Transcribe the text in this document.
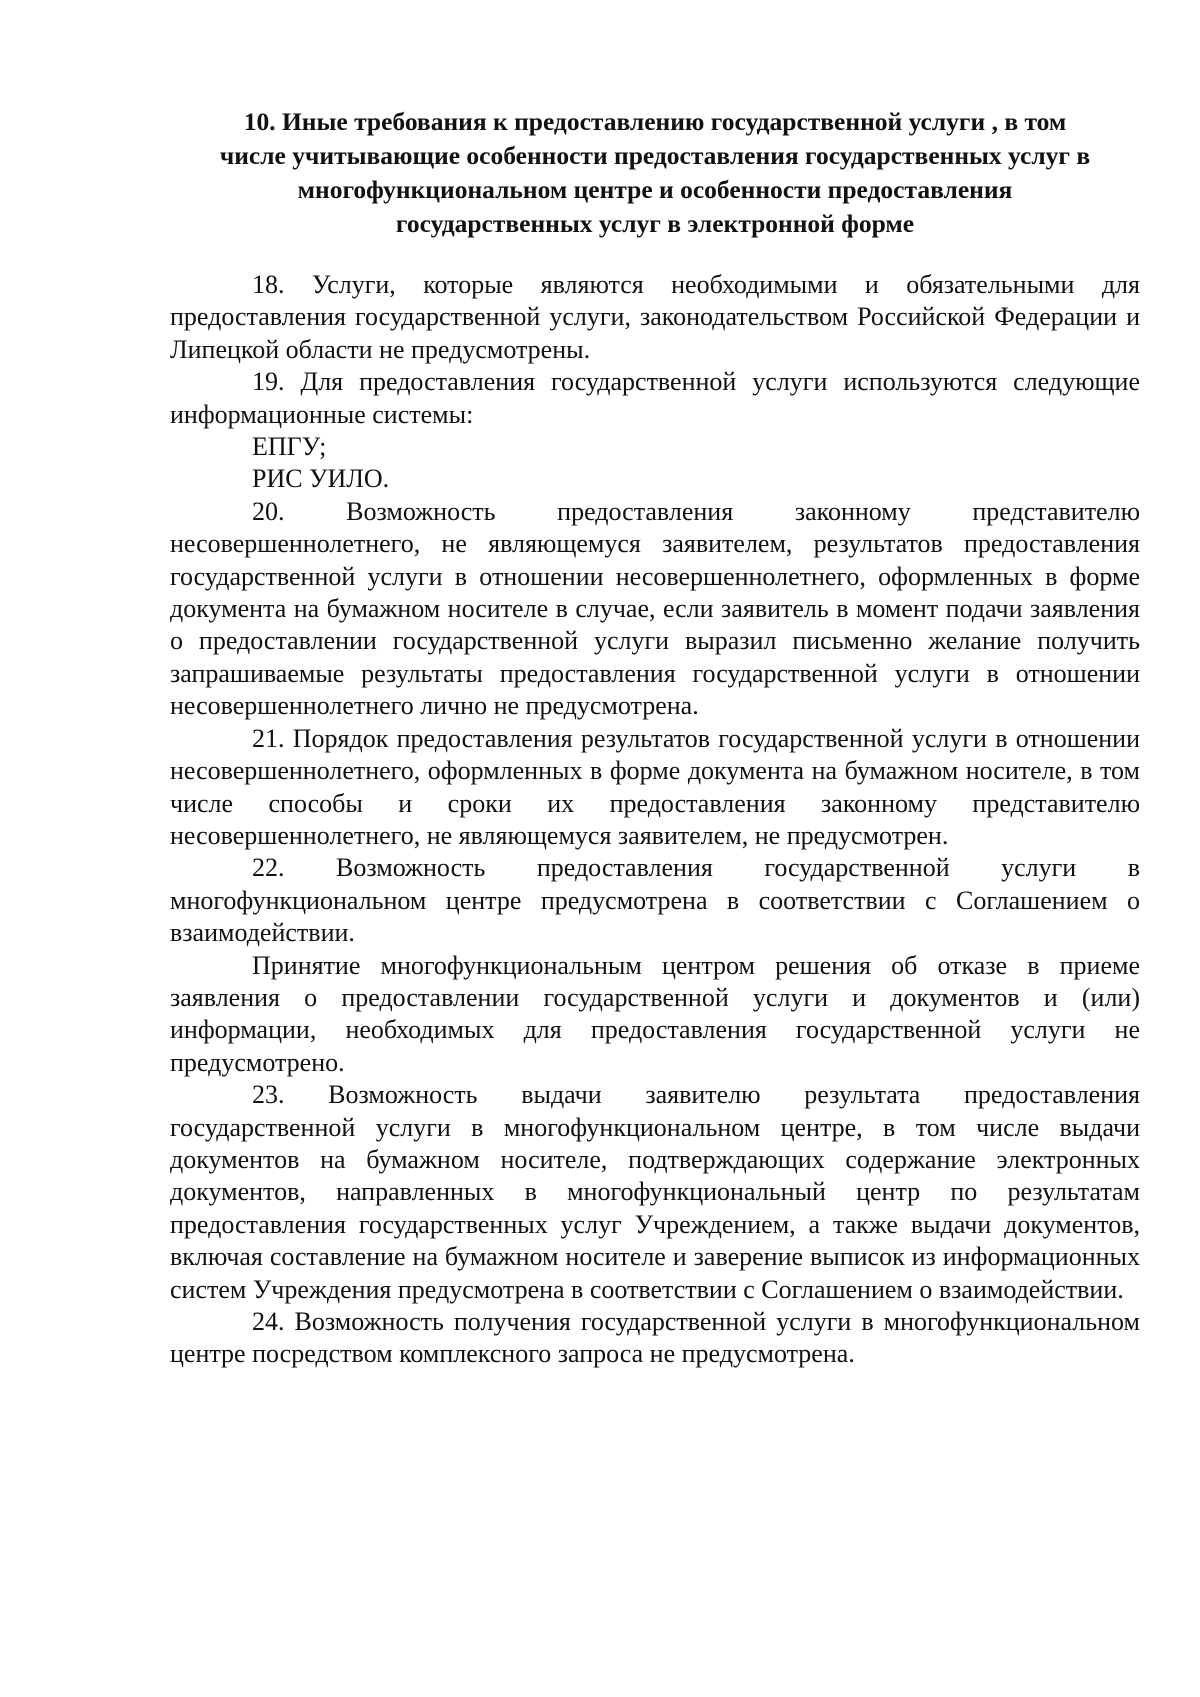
10. Иные требования к предоставлению государственной услуги , в том
числе учитывающие особенности предоставления государственных услуг в
многофункциональном центре и особенности предоставления
государственных услуг в электронной форме

18. Услуги, которые являются необходимыми и обязательными для предоставления государственной услуги, законодательством Российской Федерации и Липецкой области не предусмотрены.

19. Для предоставления государственной услуги используются следующие информационные системы:

ЕПГУ;

РИС УИЛО.

20. Возможность предоставления законному представителю несовершеннолетнего, не являющемуся заявителем, результатов предоставления государственной услуги в отношении несовершеннолетнего, оформленных в форме документа на бумажном носителе в случае, если заявитель в момент подачи заявления о предоставлении государственной услуги выразил письменно желание получить запрашиваемые результаты предоставления государственной услуги в отношении несовершеннолетнего лично не предусмотрена.

21. Порядок предоставления результатов государственной услуги в отношении несовершеннолетнего, оформленных в форме документа на бумажном носителе, в том числе способы и сроки их предоставления законному представителю несовершеннолетнего, не являющемуся заявителем, не предусмотрен.

22. Возможность предоставления государственной услуги в многофункциональном центре предусмотрена в соответствии с Соглашением о взаимодействии.

Принятие многофункциональным центром решения об отказе в приеме заявления о предоставлении государственной услуги и документов и (или) информации, необходимых для предоставления государственной услуги не предусмотрено.

23. Возможность выдачи заявителю результата предоставления государственной услуги в многофункциональном центре, в том числе выдачи документов на бумажном носителе, подтверждающих содержание электронных документов, направленных в многофункциональный центр по результатам предоставления государственных услуг Учреждением, а также выдачи документов, включая составление на бумажном носителе и заверение выписок из информационных систем Учреждения предусмотрена в соответствии с Соглашением о взаимодействии.

24. Возможность получения государственной услуги в многофункциональном центре посредством комплексного запроса не предусмотрена.
